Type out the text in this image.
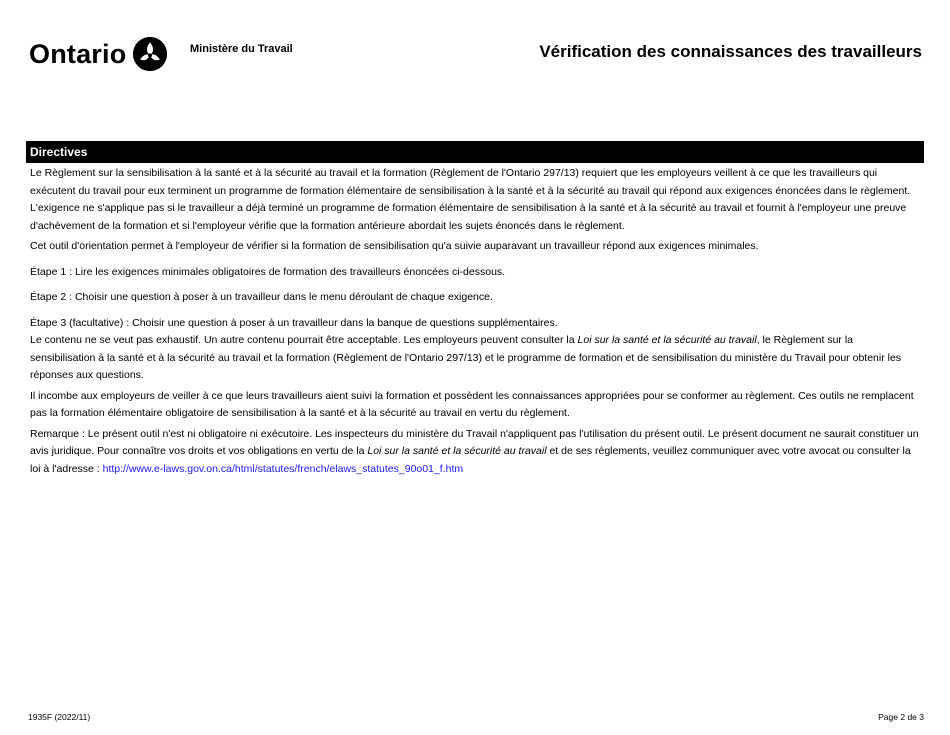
Ontario	Ministère du Travail	Vérification des connaissances des travailleurs
Directives

Le Règlement sur la sensibilisation à la santé et à la sécurité au travail et la formation (Règlement de l'Ontario 297/13) requiert que les employeurs veillent à ce que les travailleurs qui exécutent du travail pour eux terminent un programme de formation élémentaire de sensibilisation à la santé et à la sécurité au travail qui répond aux exigences énoncées dans le règlement. L'exigence ne s'applique pas si le travailleur a déjà terminé un programme de formation élémentaire de sensibilisation à la santé et à la sécurité au travail et fournit à l'employeur une preuve d'achèvement de la formation et si l'employeur vérifie que la formation antérieure abordait les sujets énoncés dans le règlement.

Cet outil d'orientation permet à l'employeur de vérifier si la formation de sensibilisation qu'a suivie auparavant un travailleur répond aux exigences minimales.

Étape 1 : Lire les exigences minimales obligatoires de formation des travailleurs énoncées ci-dessous.

Étape 2 : Choisir une question à poser à un travailleur dans le menu déroulant de chaque exigence.

Étape 3 (facultative) : Choisir une question à poser à un travailleur dans la banque de questions supplémentaires.

Le contenu ne se veut pas exhaustif. Un autre contenu pourrait être acceptable. Les employeurs peuvent consulter la Loi sur la santé et la sécurité au travail, le Règlement sur la sensibilisation à la santé et à la sécurité au travail et la formation (Règlement de l'Ontario 297/13) et le programme de formation et de sensibilisation du ministère du Travail pour obtenir les réponses aux questions.

Il incombe aux employeurs de veiller à ce que leurs travailleurs aient suivi la formation et possèdent les connaissances appropriées pour se conformer au règlement. Ces outils ne remplacent pas la formation élémentaire obligatoire de sensibilisation à la santé et à la sécurité au travail en vertu du règlement.

Remarque : Le présent outil n'est ni obligatoire ni exécutoire. Les inspecteurs du ministère du Travail n'appliquent pas l'utilisation du présent outil. Le présent document ne saurait constituer un avis juridique. Pour connaître vos droits et vos obligations en vertu de la Loi sur la santé et la sécurité au travail et de ses règlements, veuillez communiquer avec votre avocat ou consulter la loi à l'adresse : http://www.e-laws.gov.on.ca/html/statutes/french/elaws_statutes_90o01_f.htm

1935F (2022/11)	Page 2 de 3
